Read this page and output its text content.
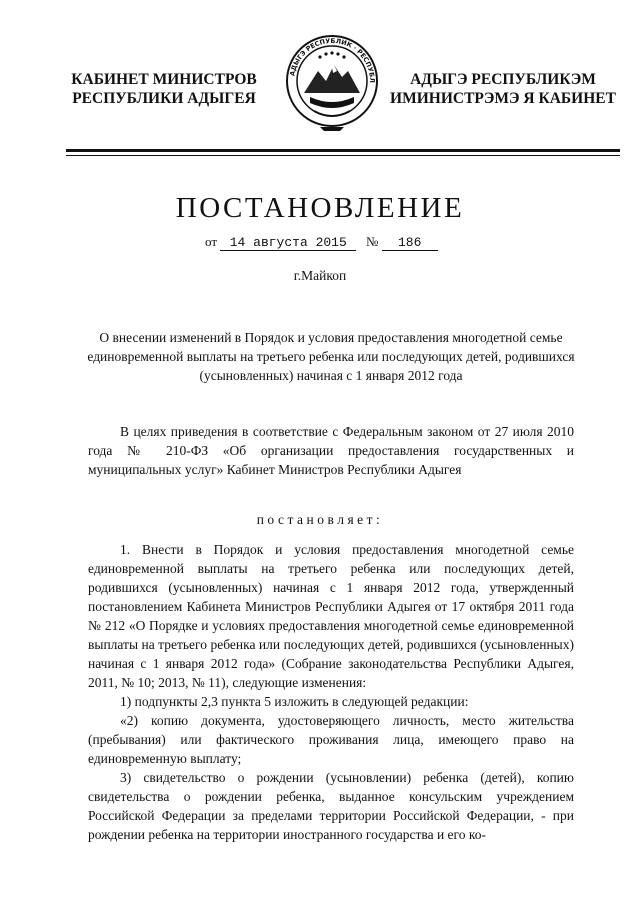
КАБИНЕТ МИНИСТРОВ
РЕСПУБЛИКИ АДЫГЕЯ
АДЫГЭ РЕСПУБЛИК · РЕСПУБЛ	АДЫГЭ РЕСПУБЛИКЭМ
ИМИНИСТРЭМЭ Я КАБИНЕТ
ПОСТАНОВЛЕНИЕ
от 14 августа 2015 № 186
г.Майкоп
О внесении изменений в Порядок и условия предоставления многодетной семье единовременной выплаты на третьего ребенка или последующих детей, родившихся (усыновленных) начиная с 1 января 2012 года
В целях приведения в соответствие с Федеральным законом от 27 июля 2010 года № 210-ФЗ «Об организации предоставления государственных и муниципальных услуг» Кабинет Министров Республики Адыгея
постановляет:

1. Внести в Порядок и условия предоставления многодетной семье единовременной выплаты на третьего ребенка или последующих детей, родившихся (усыновленных) начиная с 1 января 2012 года, утвержденный постановлением Кабинета Министров Республики Адыгея от 17 октября 2011 года № 212 «О Порядке и условиях предоставления многодетной семье единовременной выплаты на третьего ребенка или последующих детей, родившихся (усыновленных) начиная с 1 января 2012 года» (Собрание законодательства Республики Адыгея, 2011, № 10; 2013, № 11), следующие изменения:

1) подпункты 2,3 пункта 5 изложить в следующей редакции:

«2) копию документа, удостоверяющего личность, место жительства (пребывания) или фактического проживания лица, имеющего право на единовременную выплату;

3) свидетельство о рождении (усыновлении) ребенка (детей), копию свидетельства о рождении ребенка, выданное консульским учреждением Российской Федерации за пределами территории Российской Федерации, - при рождении ребенка на территории иностранного государства и его ко-
